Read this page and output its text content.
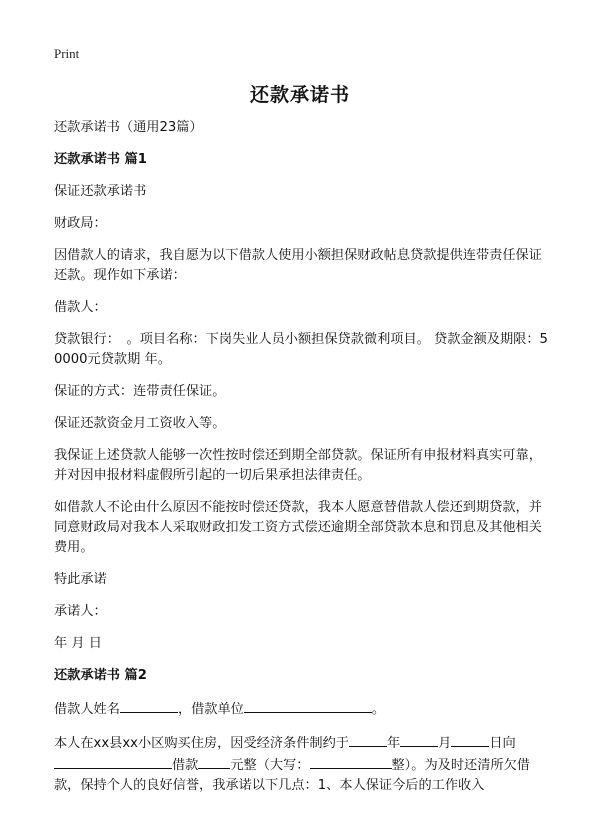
Print
还款承诺书

还款承诺书（通用23篇）

还款承诺书 篇1

保证还款承诺书

财政局：

因借款人的请求，我自愿为以下借款人使用小额担保财政帖息贷款提供连带责任保证还款。现作如下承诺：

借款人：

贷款银行：　。项目名称：下岗失业人员小额担保贷款微利项目。 贷款金额及期限：50000元贷款期 年。

保证的方式：连带责任保证。

保证还款资金月工资收入等。

我保证上述贷款人能够一次性按时偿还到期全部贷款。保证所有申报材料真实可靠，并对因申报材料虚假所引起的一切后果承担法律责任。

如借款人不论由什么原因不能按时偿还贷款，我本人愿意替借款人偿还到期贷款，并同意财政局对我本人采取财政扣发工资方式偿还逾期全部贷款本息和罚息及其他相关费用。

特此承诺

承诺人：

年 月 日

还款承诺书 篇2

借款人姓名	，借款单位	。

本人在xx县xx小区购买住房，因受经济条件制约于	年	月	日向借款 元整（大写：	整）。为及时还清所欠借款，保持个人的良好信誉，我承诺以下几点：1、本人保证今后的工作收入
